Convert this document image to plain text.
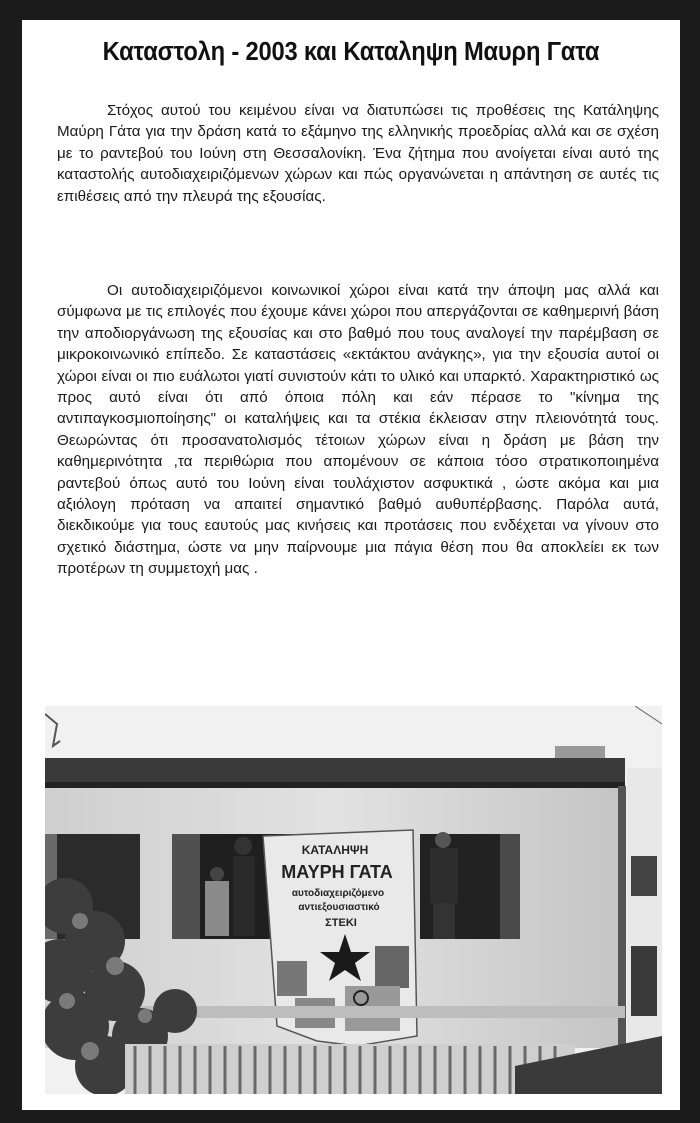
Καταστολη - 2003 και Καταληψη Μαυρη Γατα

Στόχος αυτού του κειμένου είναι να διατυπώσει τις προθέσεις της Κατάληψης Μαύρη Γάτα για την δράση κατά το εξάμηνο της ελληνικής προεδρίας αλλά και σε σχέση με το ραντεβού του Ιούνη στη Θεσσαλονίκη. Ένα ζήτημα που ανοίγεται είναι αυτό της καταστολής αυτοδιαχειριζόμενων χώρων και πώς οργανώνεται η απάντηση σε αυτές τις επιθέσεις από την πλευρά της εξουσίας.

Οι αυτοδιαχειριζόμενοι κοινωνικοί χώροι είναι κατά την άποψη μας αλλά και σύμφωνα με τις επιλογές που έχουμε κάνει χώροι που απεργάζονται σε καθημερινή βάση την αποδιοργάνωση της εξουσίας και στο βαθμό που τους αναλογεί την παρέμβαση σε μικροκοινωνικό επίπεδο. Σε καταστάσεις «εκτάκτου ανάγκης», για την εξουσία αυτοί οι χώροι είναι οι πιο ευάλωτοι γιατί συνιστούν κάτι το υλικό και υπαρκτό. Χαρακτηριστικό ως προς αυτό είναι ότι από όποια πόλη και εάν πέρασε το "κίνημα της αντιπαγκοσμιοποίησης" οι καταλήψεις και τα στέκια έκλεισαν στην πλειονότητά τους. Θεωρώντας ότι προσανατολισμός τέτοιων χώρων είναι η δράση με βάση την καθημερινότητα ,τα περιθώρια που απομένουν σε κάποια τόσο στρατικοποιημένα ραντεβού όπως αυτό του Ιούνη είναι τουλάχιστον ασφυκτικά , ώστε ακόμα και μια αξιόλογη πρόταση να απαιτεί σημαντικό βαθμό αυθυπέρβασης. Παρόλα αυτά, διεκδικούμε για τους εαυτούς μας κινήσεις και προτάσεις που ενδέχεται να γίνουν στο σχετικό διάστημα, ώστε να μην παίρνουμε μια πάγια θέση που θα αποκλείει εκ των προτέρων τη συμμετοχή μας .

ΚΑΤΑΛΗΨΗ
ΜΑΥΡΗ ΓΑΤΑ
αυτοδιαχειριζόμενο
αντιεξουσιαστικό
ΣΤΕΚΙ
